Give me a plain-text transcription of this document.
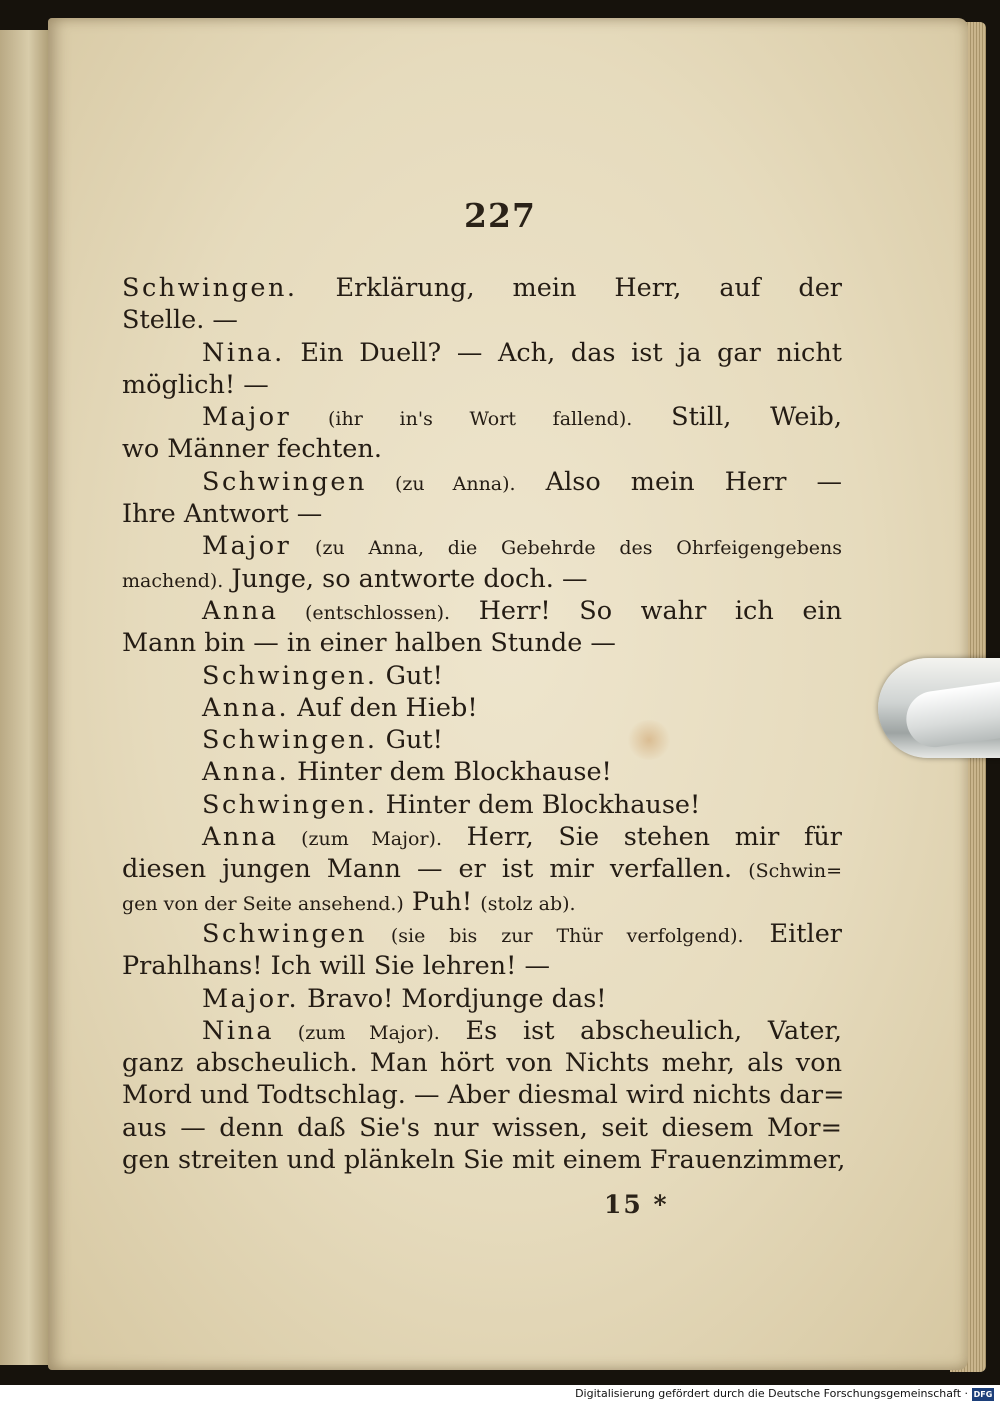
227
Schwingen. Erklärung, mein Herr, auf der
Stelle. —
Nina. Ein Duell? — Ach, das ist ja gar nicht
möglich! —
Major (ihr in's Wort fallend). Still, Weib,
wo Männer fechten.
Schwingen (zu Anna). Also mein Herr —
Ihre Antwort —
Major (zu Anna, die Gebehrde des Ohrfeigengebens
machend). Junge, so antworte doch. —
Anna (entschlossen). Herr! So wahr ich ein
Mann bin — in einer halben Stunde —
Schwingen. Gut!
Anna. Auf den Hieb!
Schwingen. Gut!
Anna. Hinter dem Blockhause!
Schwingen. Hinter dem Blockhause!
Anna (zum Major). Herr, Sie stehen mir für
diesen jungen Mann — er ist mir verfallen. (Schwin=
gen von der Seite ansehend.) Puh! (stolz ab).
Schwingen (sie bis zur Thür verfolgend). Eitler
Prahlhans! Ich will Sie lehren! —
Major. Bravo! Mordjunge das!
Nina (zum Major). Es ist abscheulich, Vater,
ganz abscheulich. Man hört von Nichts mehr, als von
Mord und Todtschlag. — Aber diesmal wird nichts dar=
aus — denn daß Sie's nur wissen, seit diesem Mor=
gen streiten und plänkeln Sie mit einem Frauenzimmer,
15 *
Digitalisierung gefördert durch die Deutsche Forschungsgemeinschaft · DFG
